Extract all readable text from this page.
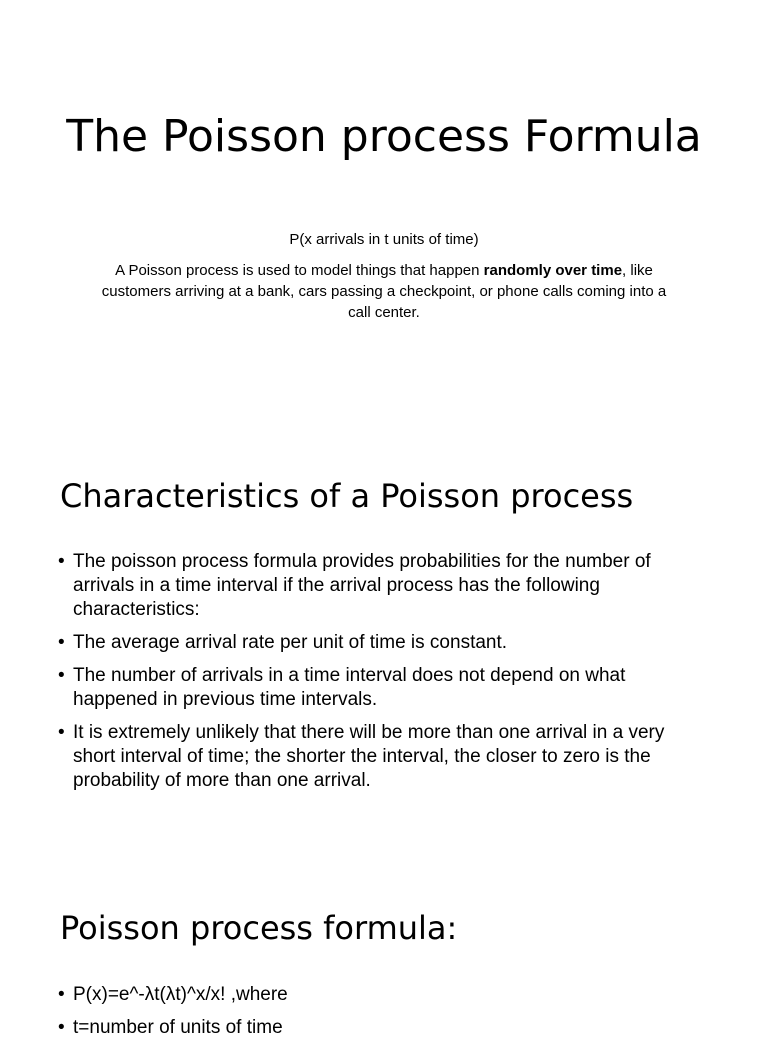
The Poisson process Formula
P(x arrivals in t units of time)
A Poisson process is used to model things that happen randomly over time, like customers arriving at a bank, cars passing a checkpoint, or phone calls coming into a call center.
Characteristics of a Poisson process
• The poisson process formula provides probabilities for the number of arrivals in a time interval if the arrival process has the following characteristics:
• The average arrival rate per unit of time is constant.
• The number of arrivals in a time interval does not depend on what happened in previous time intervals.
• It is extremely unlikely that there will be more than one arrival in a very short interval of time; the shorter the interval, the closer to zero is the probability of more than one arrival.
Poisson process formula:
• P(x)=e^-λt(λt)^x/x! ,where
• t=number of units of time
